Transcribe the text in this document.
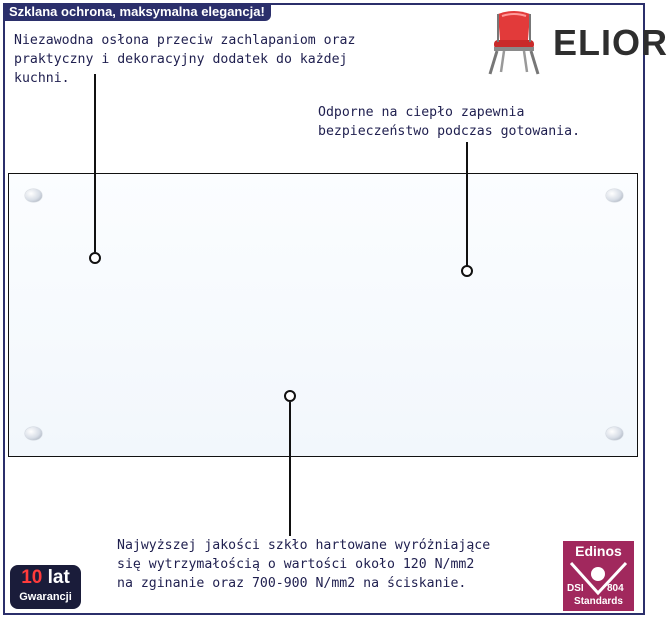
Szklana ochrona, maksymalna elegancja!
Niezawodna osłona przeciw zachlapaniom oraz
praktyczny i dekoracyjny dodatek do każdej
kuchni.
Odporne na ciepło zapewnia
bezpieczeństwo podczas gotowania.
Najwyższej jakości szkło hartowane wyróżniające
się wytrzymałością o wartości około 120 N/mm2
na zginanie oraz 700-900 N/mm2 na ściskanie.
ELIOR
10 lat
Gwarancji
Edinos
DSI 804
Standards
